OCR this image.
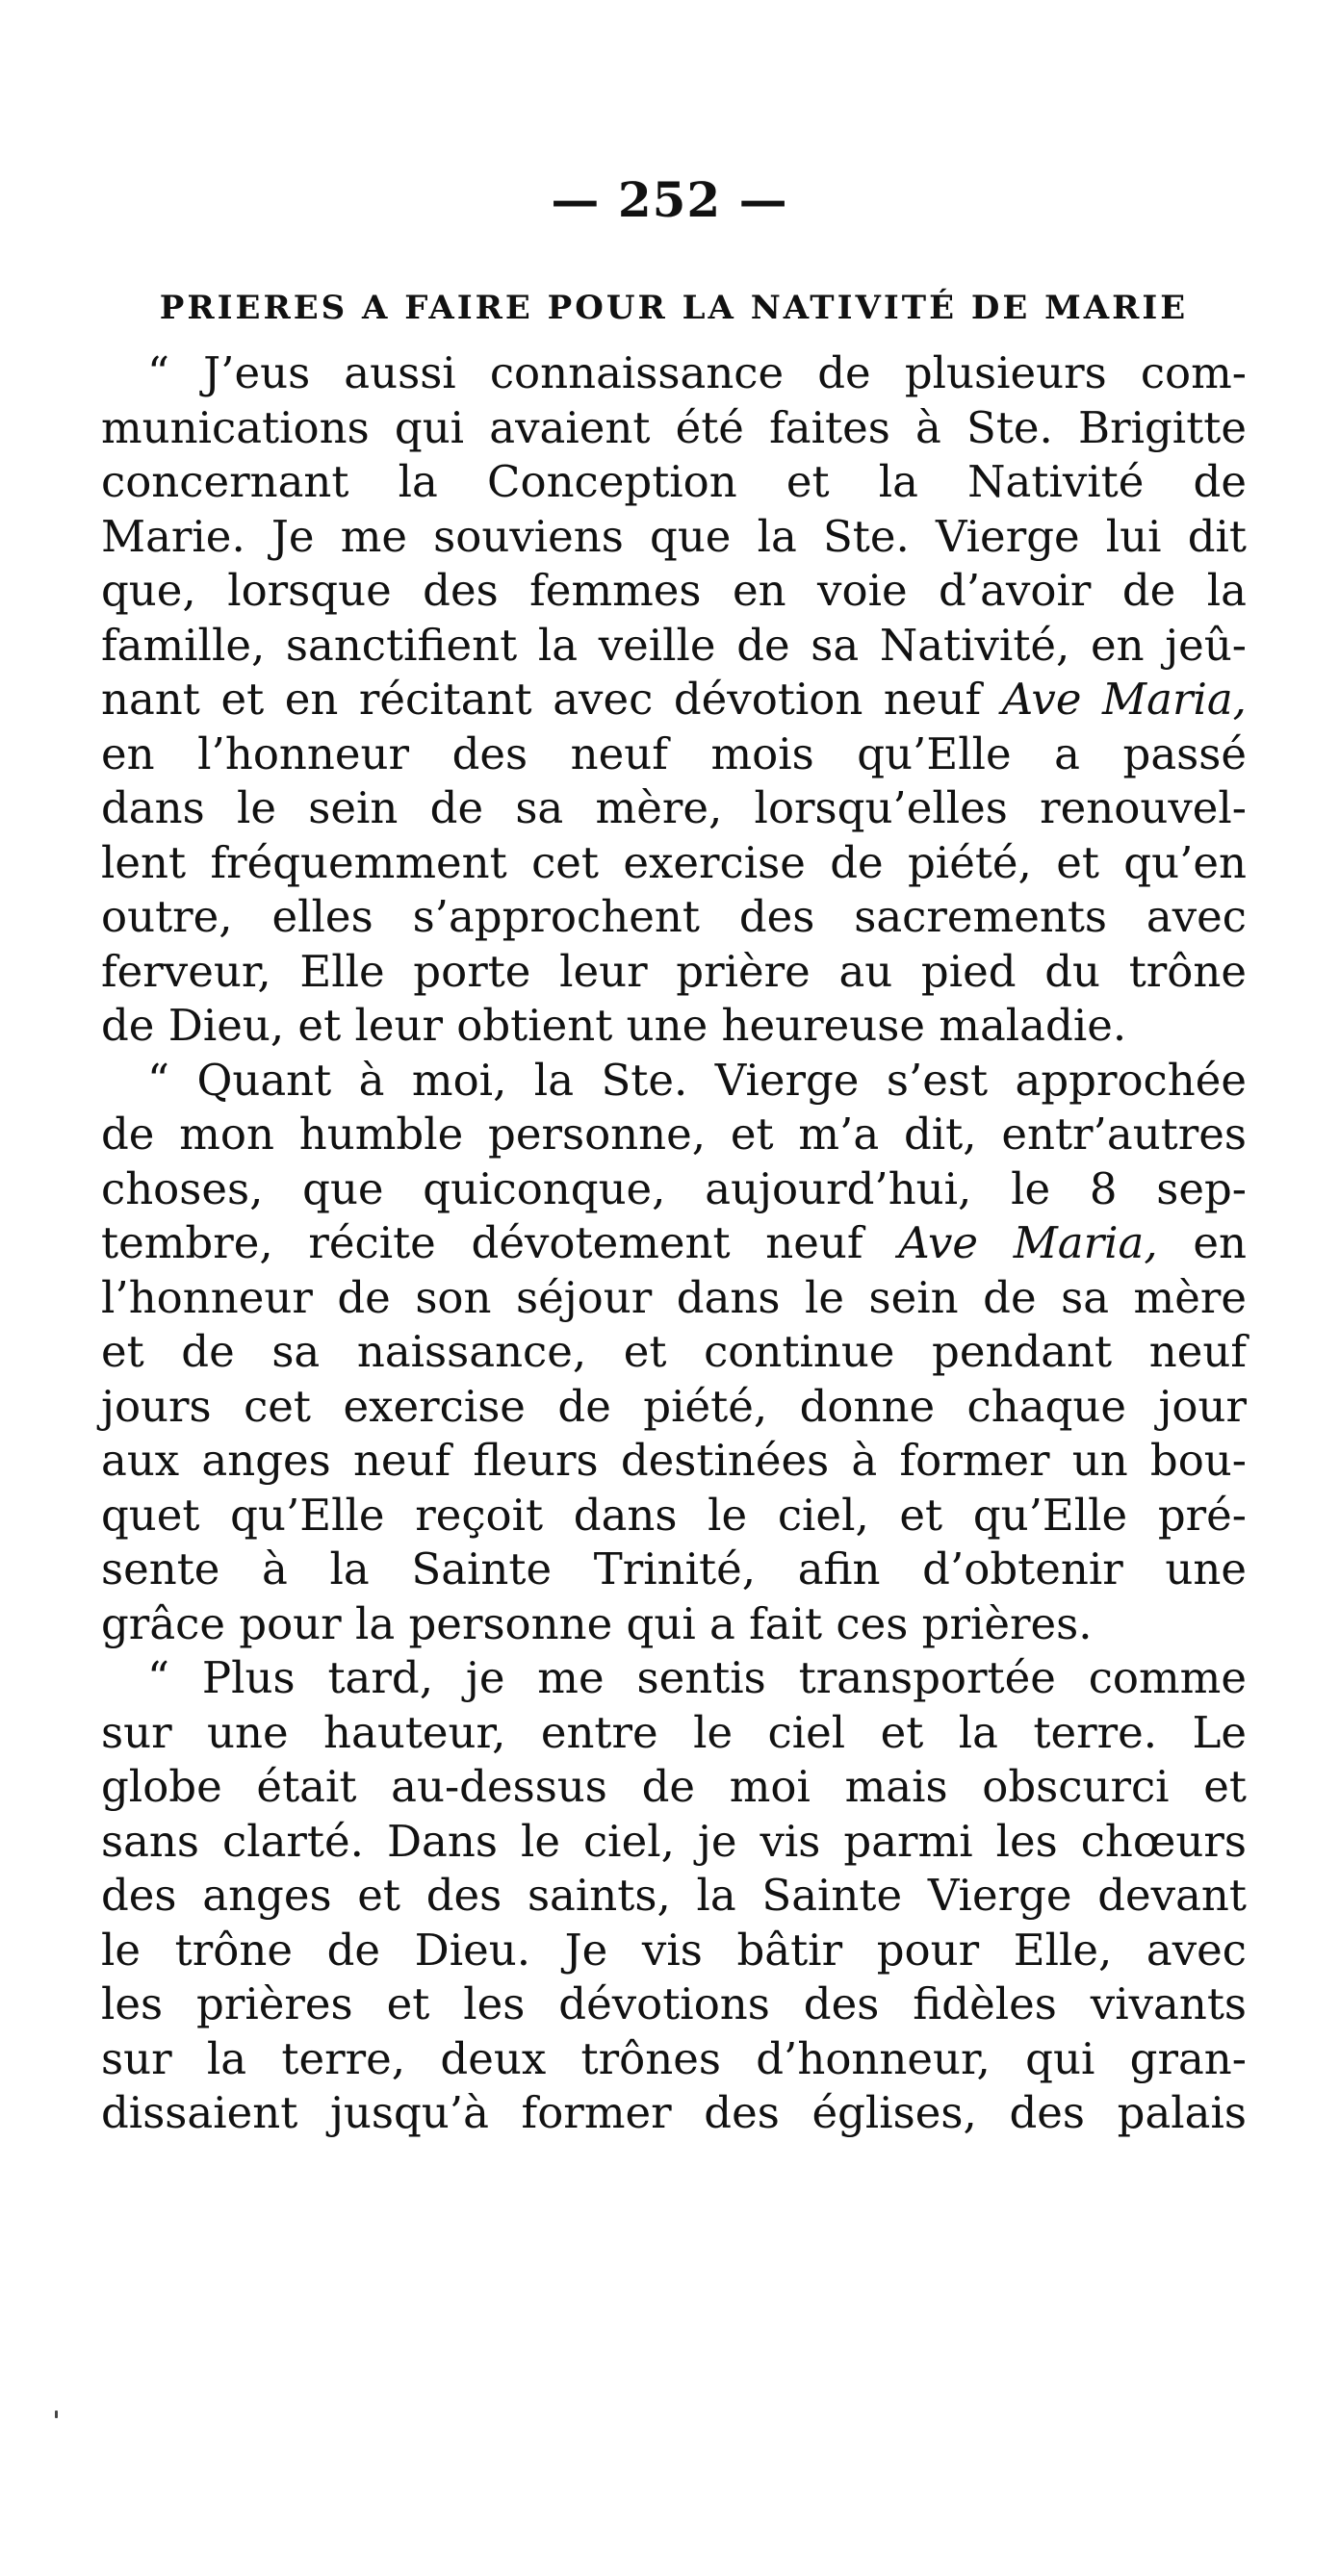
— 252 —
PRIERES A FAIRE POUR LA NATIVITÉ DE MARIE
“ J’eus aussi connaissance de plusieurs com-
munications qui avaient été faites à Ste. Brigitte
concernant la Conception et la Nativité de
Marie. Je me souviens que la Ste. Vierge lui dit
que, lorsque des femmes en voie d’avoir de la
famille, sanctifient la veille de sa Nativité, en jeû-
nant et en récitant avec dévotion neuf Ave Maria,
en l’honneur des neuf mois qu’Elle a passé
dans le sein de sa mère, lorsqu’elles renouvel-
lent fréquemment cet exercise de piété, et qu’en
outre, elles s’approchent des sacrements avec
ferveur, Elle porte leur prière au pied du trône
de Dieu, et leur obtient une heureuse maladie.
“ Quant à moi, la Ste. Vierge s’est approchée
de mon humble personne, et m’a dit, entr’autres
choses, que quiconque, aujourd’hui, le 8 sep-
tembre, récite dévotement neuf Ave Maria, en
l’honneur de son séjour dans le sein de sa mère
et de sa naissance, et continue pendant neuf
jours cet exercise de piété, donne chaque jour
aux anges neuf fleurs destinées à former un bou-
quet qu’Elle reçoit dans le ciel, et qu’Elle pré-
sente à la Sainte Trinité, afin d’obtenir une
grâce pour la personne qui a fait ces prières.
“ Plus tard, je me sentis transportée comme
sur une hauteur, entre le ciel et la terre. Le
globe était au-dessus de moi mais obscurci et
sans clarté. Dans le ciel, je vis parmi les chœurs
des anges et des saints, la Sainte Vierge devant
le trône de Dieu. Je vis bâtir pour Elle, avec
les prières et les dévotions des fidèles vivants
sur la terre, deux trônes d’honneur, qui gran-
dissaient jusqu’à former des églises, des palais
